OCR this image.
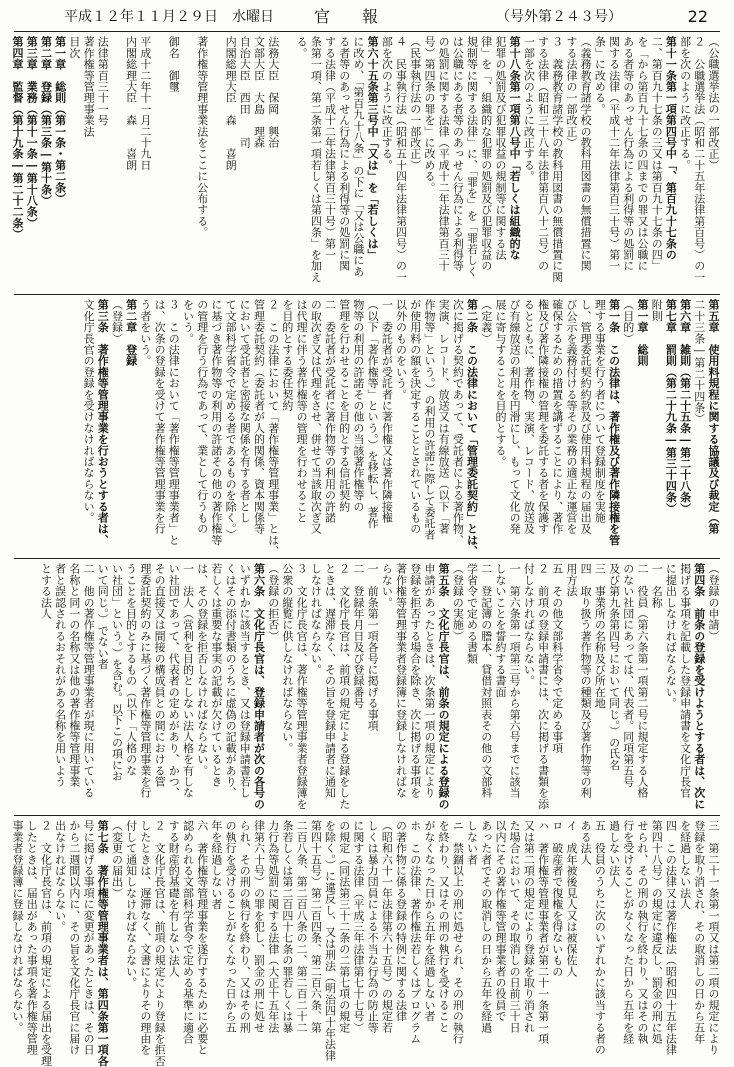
平成１２年１１月２９日　水曜日	官　報	（号外第２４３号）	22
（公職選挙法の一部改正）
２　公職選挙法（昭和二十五年法律第百号）の一
部を次のように改正する。
第十一条第一項第四号中「、第百九十七条の
二、第百九十七条の三又は第百九十七条の四」
を「から第百九十七条の四までの罪又は公職に
ある者等のあっせん行為による利得等の処罰に
関する法律（平成十二年法律第百三十号）第一
条」に改める。
（義務教育諸学校の教科用図書の無償措置に関
する法律の一部改正）
３　義務教育諸学校の教科用図書の無償措置に関
する法律（昭和三十八年法律第百八十二号）の
一部を次のように改正する。
第十八条第一項第八号中「若しくは組織的な
犯罪の処罰及び犯罪収益の規制等に関する法
律」を「、組織的な犯罪の処罰及び犯罪収益の
規制等に関する法律」に、「罪を」を「罪若しく
は公職にある者等のあっせん行為による利得等
の処罰に関する法律（平成十二年法律第百三十
号）第四条の罪を」に改める。
（民事執行法の一部改正）
４　民事執行法（昭和五十四年法律第四号）の一
部を次のように改正する。
第六十五条第三号中「又は」を「若しくは」
に改め、「第百九十八条」の下に「又は公職にあ
る者等のあっせん行為による利得等の処罰に関
する法律（平成十二年法律第百三十号）第一
条第一項、第二条第一項若しくは第四条」を加え
る。

法務大臣　保岡　興治
文部大臣　大島　理森
自治大臣　西田　　司
内閣総理大臣　森　　喜朗

著作権等管理事業法をここに公布する。

御名　御璽

平成十二年十一月二十九日
内閣総理大臣　森　　喜朗

法律第百三十一号
著作権等管理事業法
目次
第一章　総則（第一条・第二条）
第二章　登録（第三条―第十条）
第三章　業務（第十一条―第十八条）
第四章　監督（第十九条―第二十二条）
第五章　使用料規程に関する協議及び裁定（第
二十三条―第二十四条）
第六章　雑則（第二十五条―第二十八条）
第七章　罰則（第二十九条―第三十四条）
附則
第一章　総則
（目的）
第一条　この法律は、著作権及び著作隣接権を管
理する事業を行う者について登録制度を実施
し、管理委託契約約款及び使用料規程の届出及
び公示を義務付ける等その業務の適正な運営を
確保するための措置を講ずることにより、著作
権及び著作隣接権の管理を委託する者を保護す
るとともに、著作物、実演、レコード、放送及
び有線放送の利用を円滑にし、もって文化の発
展に寄与することを目的とする。
（定義）
第二条　この法律において「管理委託契約」とは、
次に掲げる契約であって、受託者による著作物、
実演、レコード、放送又は有線放送（以下「著
作物等」という。）の利用の許諾に際して委託者
が使用料の額を決定することとされているもの
以外のものをいう。
一　委託者が受託者に著作権又は著作隣接権
（以下「著作権等」という。）を移転し、著作
物等の利用の許諾その他の当該著作権等の
管理を行わせることを目的とする信託契約
二　委託者が受託者に著作物等の利用の許諾
の取次ぎ又は代理をさせ、併せて当該取次ぎ又
は代理に伴う著作権等の管理を行わせること
を目的とする委任契約
２　この法律において「著作権等管理事業」とは、
管理委託契約（委託者が人的関係、資本関係等
において受託者と密接な関係を有する者とし
て文部科学省令で定める者であるものを除く。）
に基づき著作物等の利用の許諾その他の著作権等
の管理を行う行為であって、業として行うもの
をいう。
３　この法律において「著作権等管理事業者」と
は、次条の登録を受けて著作権等管理事業を行
う者をいう。
第二章　登録
（登録）
第三条　著作権等管理事業を行おうとする者は、
文化庁長官の登録を受けなければならない。
（登録の申請）
第四条　前条の登録を受けようとする者は、次に
掲げる事項を記載した登録申請書を文化庁長官
に提出しなければならない。
一　名称
二　役員（第六条第一項第二号に規定する人格
のない社団にあっては、代表者。同項第五号
及び第九条第四号において同じ。）の氏名
三　事業所の名称及び所在地
四　取り扱う著作物等の種類及び著作物等の利
用方法
五　その他文部科学省令で定める事項
２　前項の登録申請書には、次に掲げる書類を添
付しなければならない。
一　第六条第一項第三号から第六号までに該当
しないことを誓約する書面
二　登記簿の謄本、貸借対照表その他の文部科
学省令で定める書類
（登録の実施）
第五条　文化庁長官は、前条の規定による登録の
申請があったときは、次条第一項の規定により
登録を拒否する場合を除き、次に掲げる事項を
著作権等管理事業者登録簿に登録しなければな
らない。
一　前条第一項各号に掲げる事項
二　登録年月日及び登録番号
２　文化庁長官は、前項の規定による登録をした
ときは、遅滞なく、その旨を登録申請者に通知
しなければならない。
３　文化庁長官は、著作権等管理事業者登録簿を
公衆の縦覧に供しなければならない。
（登録の拒否）
第六条　文化庁長官は、登録申請者が次の各号の
いずれかに該当するとき、又は登録申請書若し
くはその添付書類のうちに虚偽の記載があり、
若しくは重要な事実の記載が欠けているとき
は、その登録を拒否しなければならない。
一　法人（営利を目的としない法人格を有しな
い社団であって、代表者の定めがあり、かつ、
その直接又は間接の構成員との間における管
理委託契約のみに基づく著作権等管理事業を行
うことを目的とするもの（以下「人格のな
い社団」という。）を含む。以下この項にお
いて同じ。）でない者
二　他の著作権等管理事業者が現に用いている
名称と同一の名称又は他の著作権等管理事業
者と誤認されるおそれがある名称を用いよう
とする法人
三　第二十一条第一項又は第二項の規定により
登録を取り消され、その取消しの日から五年
を経過しない法人
四　この法律又は著作権法（昭和四十五年法律
第四十八号）の規定に違反し、罰金の刑に処
せられ、その刑の執行を終わり、又はその執
行を受けることがなくなった日から五年を経
過しない法人
五　役員のうちに次のいずれかに該当する者の
ある法人
イ　成年被後見人又は被保佐人
ロ　破産者で復権を得ないもの
ハ　著作権等管理事業者が第二十一条第一項
又は第二項の規定により登録を取り消され
た場合において、その取消しの日前三十日
以内にその著作権等管理事業者の役員で
あった者でその取消しの日から五年を経過
しない者
ニ　禁錮以上の刑に処せられ、その刑の執行
を終わり、又はその刑の執行を受けること
がなくなった日から五年を経過しない者
ホ　この法律、著作権法若しくはプログラム
の著作物に係る登録の特例に関する法律
（昭和六十一年法律第六十五号）の規定若
しくは暴力団員による不当な行為の防止等
に関する法律（平成三年法律第七十七号）
の規定（同法第三十二条の二第七項の規定
を除く。）に違反し、又は刑法（明治四十年法律
第四十五号）第二百四条、第二百六条、第
二百八条、第二百八条の二、第二百二十二
条若しくは第二百四十七条の罪若しくは暴
力行為等処罰に関する法律（大正十五年法
律第六十号）の罪を犯し、罰金の刑に処せ
られ、その刑の執行を終わり、又はその刑
の執行を受けることがなくなった日から五
年を経過しない者
六　著作権等管理事業を遂行するために必要と
認められる文部科学省令で定める基準に適合
する財産的基礎を有しない法人
２　文化庁長官は、前項の規定により登録を拒否
したときは、遅滞なく、文書によりその理由を
付して通知しなければならない。
（変更の届出）
第七条　著作権等管理事業者は、第四条第一項各
号に掲げる事項に変更があったときは、その日
から二週間以内に、その旨を文化庁長官に届け
出なければならない。
２　文化庁長官は、前項の規定による届出を受理
したときは、届出があった事項を著作権等管理
事業者登録簿に登録しなければならない。
